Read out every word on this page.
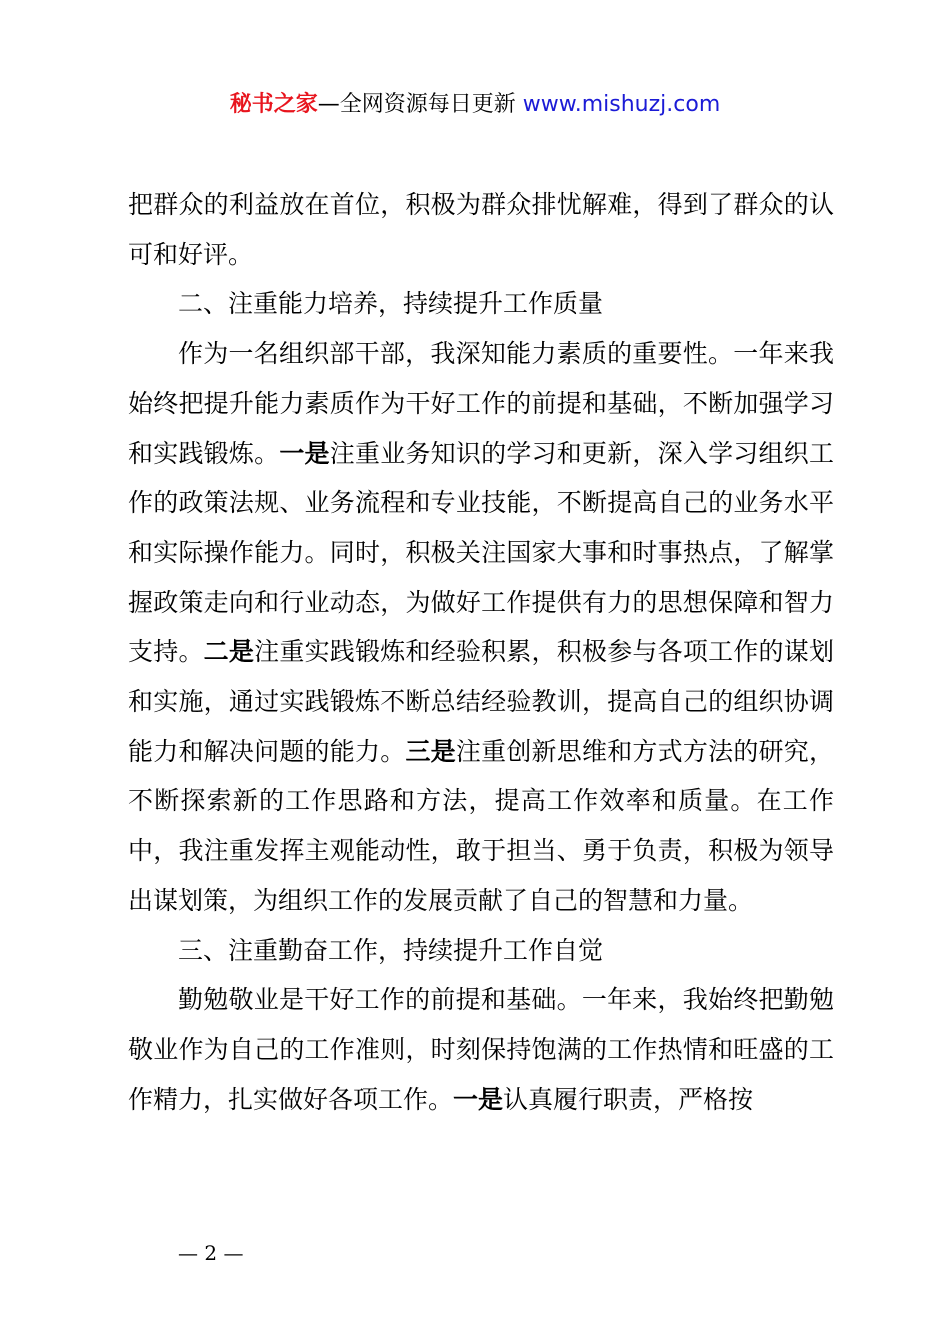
秘书之家—全网资源每日更新 www.mishuzj.com

把群众的利益放在首位，积极为群众排忧解难，得到了群众的认可和好评。

二、注重能力培养，持续提升工作质量

作为一名组织部干部，我深知能力素质的重要性。一年来我始终把提升能力素质作为干好工作的前提和基础，不断加强学习和实践锻炼。一是注重业务知识的学习和更新，深入学习组织工作的政策法规、业务流程和专业技能，不断提高自己的业务水平和实际操作能力。同时，积极关注国家大事和时事热点，了解掌握政策走向和行业动态，为做好工作提供有力的思想保障和智力支持。二是注重实践锻炼和经验积累，积极参与各项工作的谋划和实施，通过实践锻炼不断总结经验教训，提高自己的组织协调能力和解决问题的能力。三是注重创新思维和方式方法的研究，不断探索新的工作思路和方法，提高工作效率和质量。在工作中，我注重发挥主观能动性，敢于担当、勇于负责，积极为领导出谋划策，为组织工作的发展贡献了自己的智慧和力量。

三、注重勤奋工作，持续提升工作自觉

勤勉敬业是干好工作的前提和基础。一年来，我始终把勤勉敬业作为自己的工作准则，时刻保持饱满的工作热情和旺盛的工作精力，扎实做好各项工作。一是认真履行职责，严格按

— 2 —
